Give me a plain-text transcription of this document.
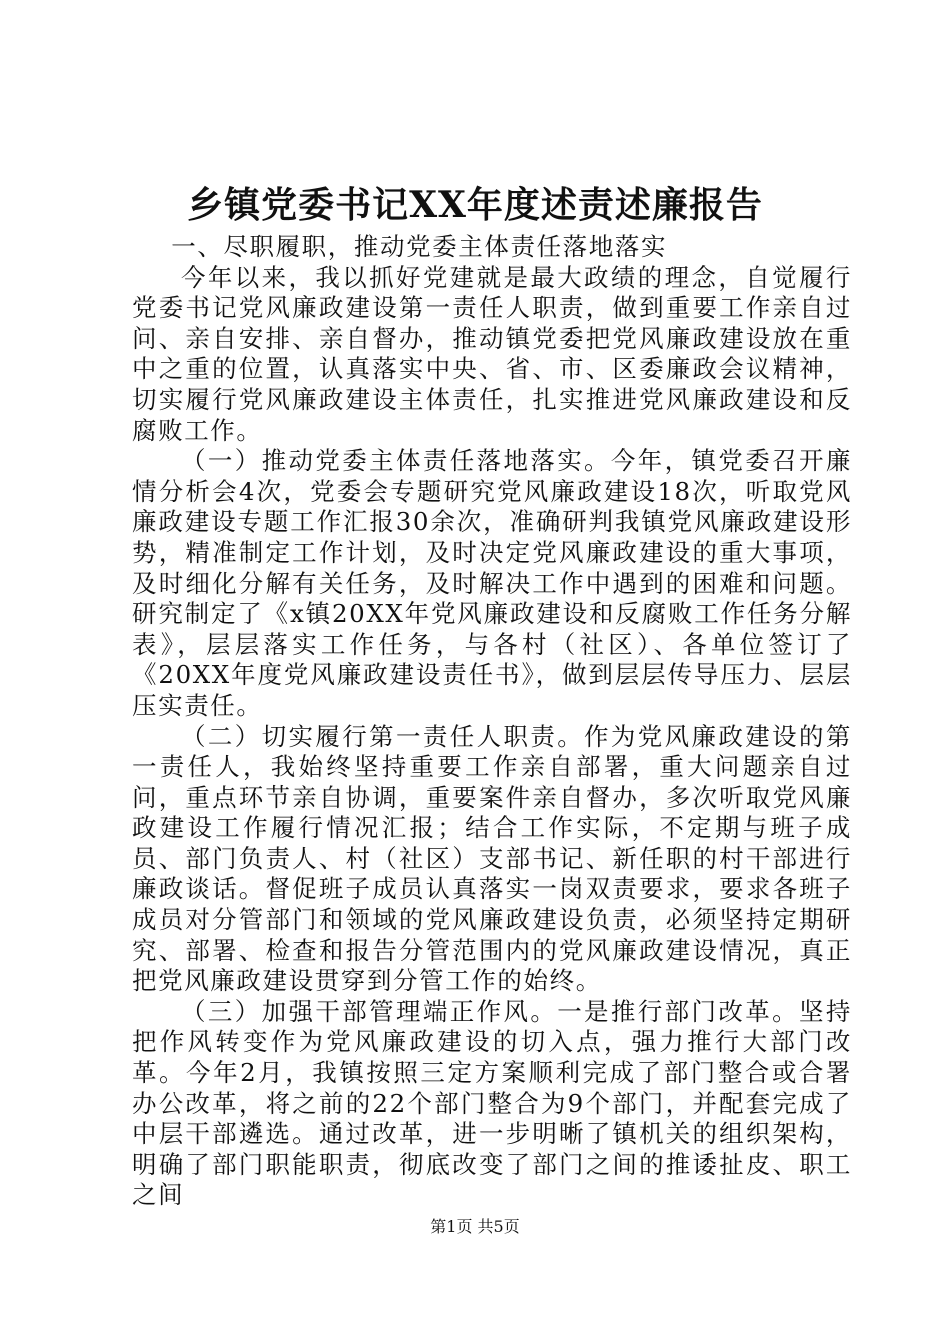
乡镇党委书记XX年度述责述廉报告

一、尽职履职，推动党委主体责任落地落实

今年以来，我以抓好党建就是最大政绩的理念，自觉履行党委书记党风廉政建设第一责任人职责，做到重要工作亲自过问、亲自安排、亲自督办，推动镇党委把党风廉政建设放在重中之重的位置，认真落实中央、省、市、区委廉政会议精神，切实履行党风廉政建设主体责任，扎实推进党风廉政建设和反腐败工作。

（一）推动党委主体责任落地落实。今年，镇党委召开廉情分析会4次，党委会专题研究党风廉政建设18次，听取党风廉政建设专题工作汇报30余次，准确研判我镇党风廉政建设形势，精准制定工作计划，及时决定党风廉政建设的重大事项，及时细化分解有关任务，及时解决工作中遇到的困难和问题。研究制定了《x镇20XX年党风廉政建设和反腐败工作任务分解表》，层层落实工作任务，与各村（社区）、各单位签订了《20XX年度党风廉政建设责任书》，做到层层传导压力、层层压实责任。

（二）切实履行第一责任人职责。作为党风廉政建设的第一责任人，我始终坚持重要工作亲自部署，重大问题亲自过问，重点环节亲自协调，重要案件亲自督办，多次听取党风廉政建设工作履行情况汇报；结合工作实际，不定期与班子成员、部门负责人、村（社区）支部书记、新任职的村干部进行廉政谈话。督促班子成员认真落实一岗双责要求，要求各班子成员对分管部门和领域的党风廉政建设负责，必须坚持定期研究、部署、检查和报告分管范围内的党风廉政建设情况，真正把党风廉政建设贯穿到分管工作的始终。

（三）加强干部管理端正作风。一是推行部门改革。坚持把作风转变作为党风廉政建设的切入点，强力推行大部门改革。今年2月，我镇按照三定方案顺利完成了部门整合或合署办公改革，将之前的22个部门整合为9个部门，并配套完成了中层干部遴选。通过改革，进一步明晰了镇机关的组织架构，明确了部门职能职责，彻底改变了部门之间的推诿扯皮、职工之间

第1页 共5页
